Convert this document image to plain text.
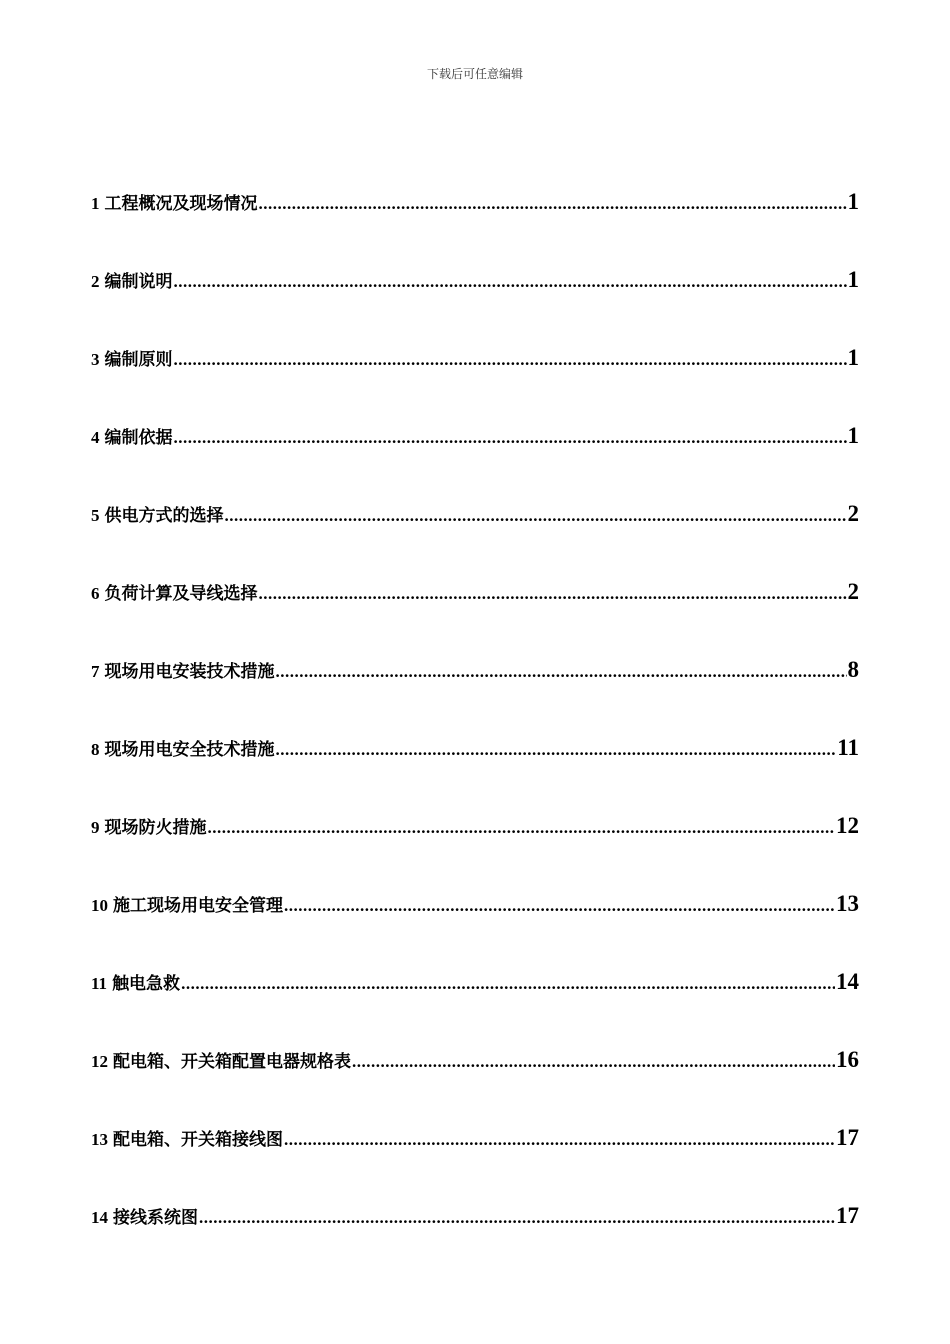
下载后可任意编辑
1 工程概况及现场情况 .....	1
2 编制说明 .....	1
3 编制原则 .....	1
4 编制依据 .....	1
5 供电方式的选择 .....	2
6 负荷计算及导线选择 .....	2
7 现场用电安装技术措施 .....	8
8 现场用电安全技术措施 .....	11
9 现场防火措施 .....	12
10 施工现场用电安全管理 .....	13
11 触电急救 .....	14
12 配电箱、开关箱配置电器规格表 .....	16
13 配电箱、开关箱接线图 .....	17
14 接线系统图 .....	17
